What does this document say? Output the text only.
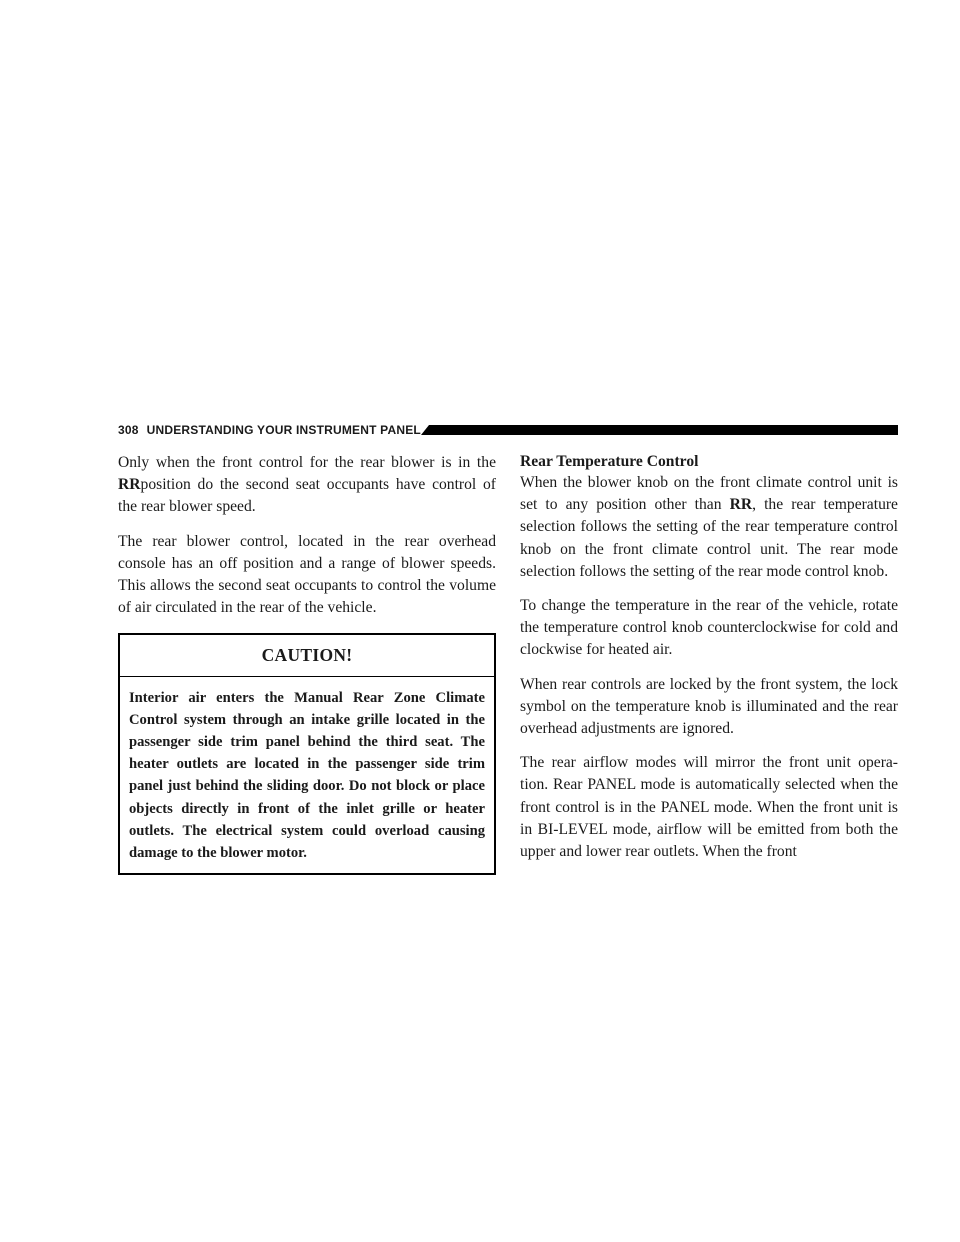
308 UNDERSTANDING YOUR INSTRUMENT PANEL

Only when the front control for the rear blower is in the RRposition do the second seat occupants have control of the rear blower speed.

The rear blower control, located in the rear overhead console has an off position and a range of blower speeds. This allows the second seat occupants to control the volume of air circulated in the rear of the vehicle.

CAUTION!
Interior air enters the Manual Rear Zone Climate Control system through an intake grille located in the passenger side trim panel behind the third seat. The heater outlets are located in the passenger side trim panel just behind the sliding door. Do not block or place objects directly in front of the inlet grille or heater outlets. The electrical system could overload causing damage to the blower motor.
Rear Temperature Control

When the blower knob on the front climate control unit is set to any position other than RR, the rear temperature selection follows the setting of the rear temperature control knob on the front climate control unit. The rear mode selection follows the setting of the rear mode control knob.

To change the temperature in the rear of the vehicle, rotate the temperature control knob counterclockwise for cold and clockwise for heated air.

When rear controls are locked by the front system, the lock symbol on the temperature knob is illuminated and the rear overhead adjustments are ignored.

The rear airflow modes will mirror the front unit opera- tion. Rear PANEL mode is automatically selected when the front control is in the PANEL mode. When the front unit is in BI-LEVEL mode, airflow will be emitted from both the upper and lower rear outlets. When the front
